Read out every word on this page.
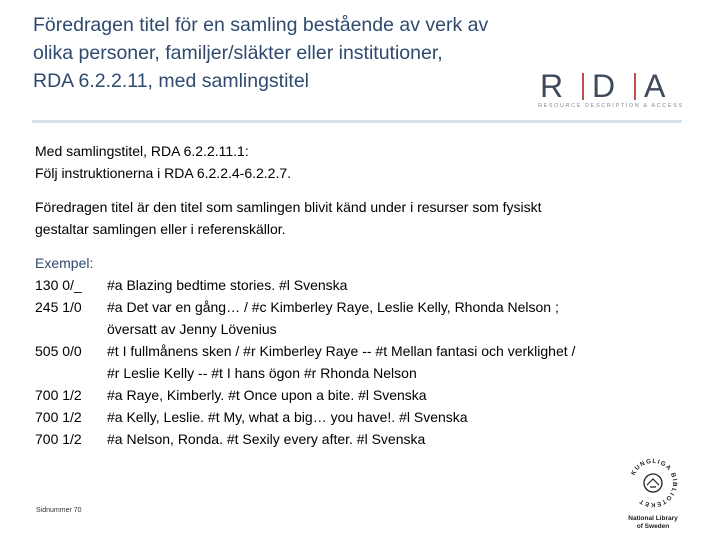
Föredragen titel för en samling bestående av verk av
olika personer, familjer/släkter eller institutioner,
RDA 6.2.2.11, med samlingstitel	R D A
RESOURCE DESCRIPTION & ACCESS
Med samlingstitel, RDA 6.2.2.11.1:
Följ instruktionerna i RDA 6.2.2.4-6.2.2.7.
Föredragen titel är den titel som samlingen blivit känd under i resurser som fysiskt
gestaltar samlingen eller i referenskällor.
Exempel:
130 0/_	#a Blazing bedtime stories. #l Svenska
245 1/0	#a Det var en gång… / #c Kimberley Raye, Leslie Kelly, Rhonda Nelson ;
översatt av Jenny Lövenius
505 0/0	#t I fullmånens sken / #r Kimberley Raye -- #t Mellan fantasi och verklighet /
#r Leslie Kelly -- #t I hans ögon #r Rhonda Nelson
700 1/2	#a Raye, Kimberly. #t Once upon a bite. #l Svenska
700 1/2	#a Kelly, Leslie. #t My, what a big… you have!. #l Svenska
700 1/2	#a Nelson, Ronda. #t Sexily every after. #l Svenska
Sidnummer 70
KUNGLIGA BIBLIOTEKET
National Library
of Sweden
